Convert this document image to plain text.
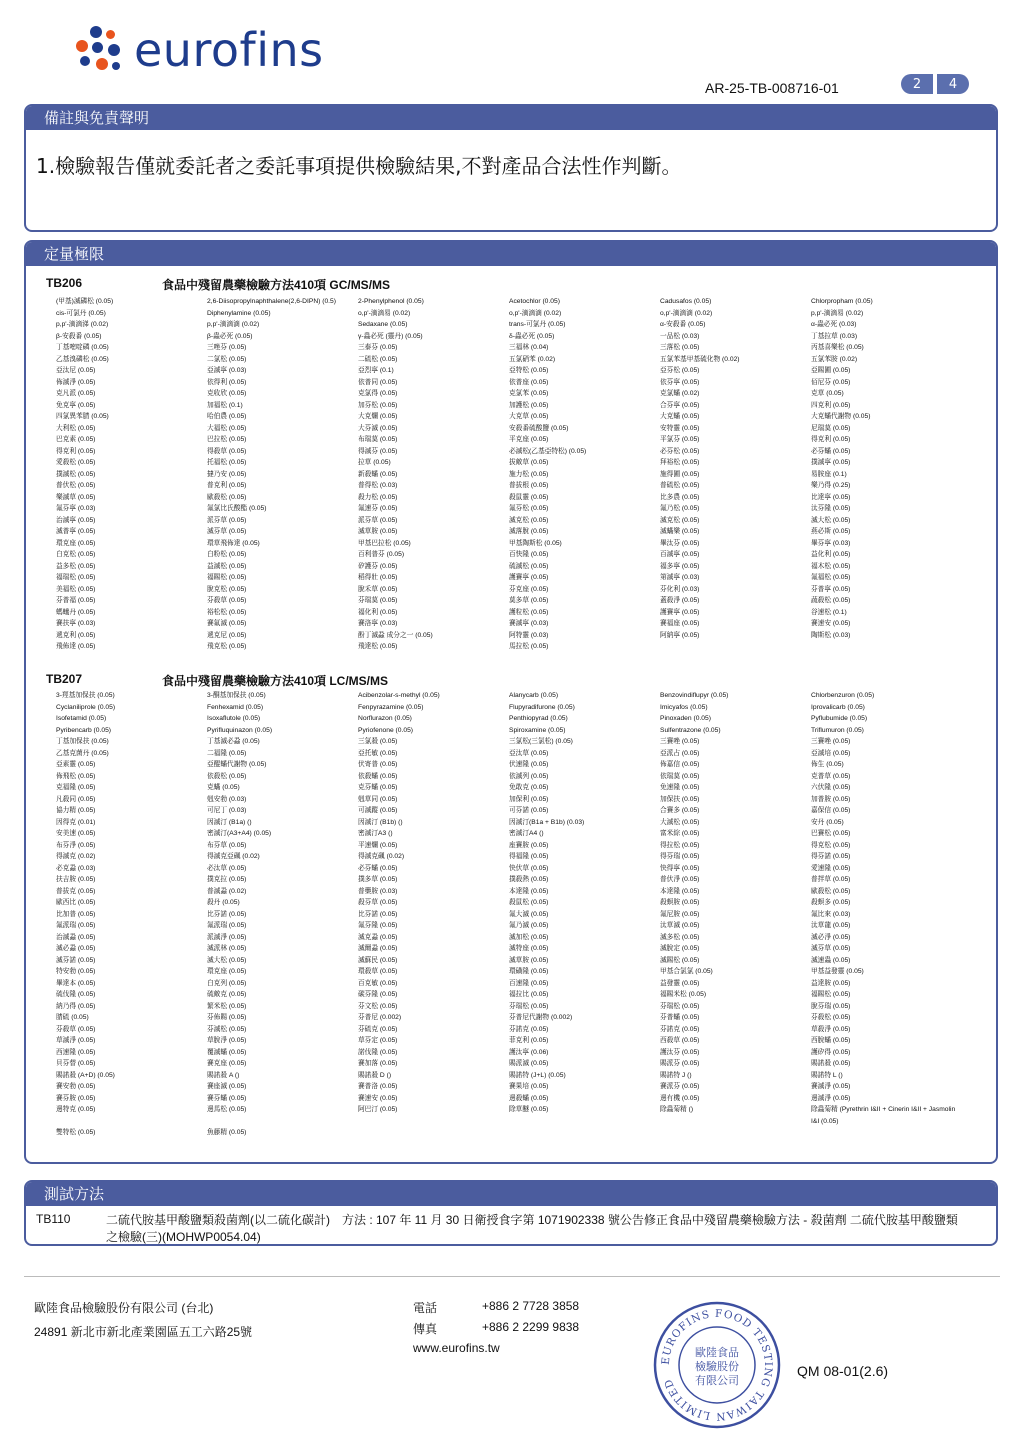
eurofins
AR-25-TB-008716-01	2	4
備註與免責聲明
1.檢驗報告僅就委託者之委託事項提供檢驗結果,不對產品合法性作判斷。
定量極限
TB206	食品中殘留農藥檢驗方法410項 GC/MS/MS
(甲基)滅磷松 (0.05)	2,6-Diisopropylnaphthalene(2,6-DIPN) (0.5)	2-Phenylphenol (0.05)	Acetochlor (0.05)	Cadusafos (0.05)	Chlorpropham (0.05)
cis-可氯丹 (0.05)	Diphenylamine (0.05)	o,p'-滴滴易 (0.02)	o,p'-滴滴滴 (0.02)	o,p'-滴滴滴 (0.02)	p,p'-滴滴易 (0.02)
p,p'-滴滴涕 (0.02)	p,p'-滴滴滴 (0.02)	Sedaxane (0.05)	trans-可氯丹 (0.05)	α-安殺番 (0.05)	α-蟲必死 (0.03)
β-安殺番 (0.05)	β-蟲必死 (0.05)	γ-蟲必死 (靈丹) (0.05)	δ-蟲必死 (0.05)	一品松 (0.03)	丁基拉草 (0.03)
丁基嘧啶磷 (0.05)	三唑芬 (0.05)	三泰芬 (0.05)	三福林 (0.04)	三落松 (0.05)	丙基喜樂松 (0.05)
乙基溴磷松 (0.05)	二氯松 (0.05)	二硫松 (0.05)	五氯硝苯 (0.02)	五氯苯基甲基硫化物 (0.02)	五氯苯胺 (0.02)
亞汰尼 (0.05)	亞滅寧 (0.03)	亞烈寧 (0.1)	亞特松 (0.05)	亞芬松 (0.05)	亞賜圃 (0.05)
佈滅淨 (0.05)	依得利 (0.05)	依普同 (0.05)	依普座 (0.05)	依芬寧 (0.05)	佰尼芬 (0.05)
克凡派 (0.05)	克收欣 (0.05)	克氯得 (0.05)	克氯苯 (0.05)	克氯蟎 (0.02)	克草 (0.05)
免克寧 (0.05)	加福松 (0.1)	加芬松 (0.05)	加護松 (0.05)	合芬寧 (0.05)	四克利 (0.05)
四氯異苯腈 (0.05)	哈伯農 (0.05)	大克爛 (0.05)	大克草 (0.05)	大克蟎 (0.05)	大克蟎代謝物 (0.05)
大利松 (0.05)	大福松 (0.05)	大芬滅 (0.05)	安殺番硫酸鹽 (0.05)	安特靈 (0.05)	尼瑞莫 (0.05)
巴克素 (0.05)	巴拉松 (0.05)	布瑞莫 (0.05)	平克座 (0.05)	平氯芬 (0.05)	得克利 (0.05)
得克利 (0.05)	得殺草 (0.05)	得滅芬 (0.05)	必滅松(乙基亞特松) (0.05)	必芬松 (0.05)	必芬蟎 (0.05)
愛殺松 (0.05)	托福松 (0.05)	拉草 (0.05)	拔敵草 (0.05)	拜裕松 (0.05)	撲滅寧 (0.05)
撲滅松 (0.05)	撻乃安 (0.05)	新殺蟎 (0.05)	施力松 (0.05)	施得圃 (0.05)	易胺座 (0.1)
普伏松 (0.05)	普克利 (0.05)	普得松 (0.03)	普拔根 (0.05)	普硫松 (0.05)	樂乃得 (0.25)
樂滅草 (0.05)	歐殺松 (0.05)	殺力松 (0.05)	殺鼠靈 (0.05)	比多農 (0.05)	比達寧 (0.05)
氟芬寧 (0.03)	氟氯比氏酸酯 (0.05)	氟速芬 (0.05)	氟芬松 (0.05)	氟乃松 (0.05)	汰芬隆 (0.05)
治滅寧 (0.05)	派芬草 (0.05)	派芬草 (0.05)	滅克松 (0.05)	滅克松 (0.05)	滅大松 (0.05)
滅普寧 (0.05)	滅芬草 (0.05)	滅草胺 (0.05)	滅落脫 (0.05)	滅蟎樂 (0.05)	燕必斯 (0.05)
環克座 (0.05)	環草飛佈達 (0.05)	甲基巴拉松 (0.05)	甲基陶斯松 (0.05)	畢汰芬 (0.05)	畢芬寧 (0.03)
白克松 (0.05)	白粉松 (0.05)	百利普芬 (0.05)	百快隆 (0.05)	百滅寧 (0.05)	益化利 (0.05)
益多松 (0.05)	益滅松 (0.05)	矽護芬 (0.05)	硫滅松 (0.05)	福多寧 (0.05)	福木松 (0.05)
福瑞松 (0.05)	福賜松 (0.05)	稻得壯 (0.05)	護賽寧 (0.05)	第滅寧 (0.03)	氟福松 (0.05)
美福松 (0.05)	脫克松 (0.05)	脫禾草 (0.05)	芬克座 (0.05)	芬化利 (0.03)	芬普寧 (0.05)
芬普福 (0.05)	芬殺草 (0.05)	芬瑞莫 (0.05)	莫多草 (0.05)	蓋殺淨 (0.05)	蔬殺松 (0.05)
螞蟻丹 (0.05)	裕松松 (0.05)	福化利 (0.05)	護粒松 (0.05)	護賽寧 (0.05)	谷速松 (0.1)
賽扶寧 (0.03)	賽氟滅 (0.05)	賽洛寧 (0.03)	賽滅寧 (0.03)	賽福座 (0.05)	賽速安 (0.05)
遞克利 (0.05)	遞克尼 (0.05)	酚丁滅蝨 成分之一 (0.05)	阿特靈 (0.03)	阿納寧 (0.05)	陶斯松 (0.03)
飛佈達 (0.05)	飛克松 (0.05)	飛達松 (0.05)	馬拉松 (0.05)
TB207	食品中殘留農藥檢驗方法410項 LC/MS/MS
3-羥基加保扶 (0.05)	3-酮基加保扶 (0.05)	Acibenzolar-s-methyl (0.05)	Alanycarb (0.05)	Benzovindiflupyr (0.05)	Chlorbenzuron (0.05)
Cyclaniliprole (0.05)	Fenhexamid (0.05)	Fenpyrazamine (0.05)	Flupyradifurone (0.05)	Imicyafos (0.05)	Iprovalicarb (0.05)
Isofetamid (0.05)	Isoxaflutole (0.05)	Norflurazon (0.05)	Penthiopyrad (0.05)	Pinoxaden (0.05)	Pyflubumide (0.05)
Pyribencarb (0.05)	Pyrifluquinazon (0.05)	Pyriofenone (0.05)	Spiroxamine (0.05)	Sulfentrazone (0.05)	Triflumuron (0.05)
丁基加保扶 (0.05)	丁基滅必蝨 (0.05)	三氯殺 (0.05)	三氯松(三氯松) (0.05)	三賽唑 (0.05)	三賽唑 (0.05)
乙基克菌丹 (0.05)	二福隆 (0.05)	亞托敏 (0.05)	亞汰草 (0.05)	亞派占 (0.05)	亞滅培 (0.05)
亞素靈 (0.05)	亞醌蟎代謝物 (0.05)	伏寄普 (0.05)	伏速隆 (0.05)	佈嘉信 (0.05)	佈生 (0.05)
佈飛松 (0.05)	依殺松 (0.05)	依殺蟎 (0.05)	依滅列 (0.05)	依瑞莫 (0.05)	克普草 (0.05)
克福隆 (0.05)	克蟎 (0.05)	克芬蟎 (0.05)	免敢克 (0.05)	免速隆 (0.05)	六伏隆 (0.05)
凡殺同 (0.05)	剋安勃 (0.03)	剋草同 (0.05)	加保利 (0.05)	加保扶 (0.05)	加普胺 (0.05)
協力精 (0.05)	可尼丁 (0.03)	可滅蹤 (0.05)	可芬諾 (0.05)	合賽多 (0.05)	嘉保信 (0.05)
因得克 (0.01)	因滅汀 (B1a) ()	因滅汀 (B1b) ()	因滅汀(B1a + B1b) (0.03)	大滅松 (0.05)	安丹 (0.05)
安美速 (0.05)	密滅汀(A3+A4) (0.05)	密滅汀A3 ()	密滅汀A4 ()	富米綜 (0.05)	巴賽松 (0.05)
布芬淨 (0.05)	布芬草 (0.05)	平速爛 (0.05)	座賽胺 (0.05)	得拉松 (0.05)	得克松 (0.05)
得滅克 (0.02)	得滅克亞碸 (0.02)	得滅克碸 (0.02)	得福隆 (0.05)	得芬瑞 (0.05)	得芬諾 (0.05)
必克蝨 (0.03)	必汰草 (0.05)	必芬蟎 (0.05)	快伏草 (0.05)	快得寧 (0.05)	愛速隆 (0.05)
扶吉胺 (0.05)	撲克拉 (0.05)	撲多草 (0.05)	撲殺熱 (0.05)	普伏淨 (0.05)	普拌草 (0.05)
普拔克 (0.05)	普滅蝨 (0.02)	普藥胺 (0.03)	本達隆 (0.05)	本達隆 (0.05)	歐殺松 (0.05)
歐西比 (0.05)	殺丹 (0.05)	殺芬草 (0.05)	殺鼠松 (0.05)	殺螟胺 (0.05)	殺螟多 (0.05)
比加普 (0.05)	比芬諾 (0.05)	比芬諾 (0.05)	氟大滅 (0.05)	氟尼胺 (0.05)	氟比來 (0.03)
氟派瑞 (0.05)	氟派瑞 (0.05)	氟芬隆 (0.05)	氟乃滅 (0.05)	汰草滅 (0.05)	汰草龍 (0.05)
治滅蝨 (0.05)	派滅淨 (0.05)	滅克蝨 (0.05)	滅加松 (0.05)	滅多松 (0.05)	滅必淨 (0.05)
滅必蝨 (0.05)	滅派林 (0.05)	滅爾蝨 (0.05)	滅特座 (0.05)	滅脫定 (0.05)	滅芬草 (0.05)
滅芬諾 (0.05)	滅大松 (0.05)	滅蘇民 (0.05)	滅草胺 (0.05)	滅賜松 (0.05)	滅速蟲 (0.05)
特安勃 (0.05)	環克座 (0.05)	環殺草 (0.05)	環磺隆 (0.05)	甲基合氯氯 (0.05)	甲基益發靈 (0.05)
畢達本 (0.05)	白克列 (0.05)	百克敏 (0.05)	百速隆 (0.05)	益發靈 (0.05)	益達胺 (0.05)
硫伐隆 (0.05)	硫敵克 (0.05)	碳芬隆 (0.05)	福拉比 (0.05)	福賜米松 (0.05)	福賜松 (0.05)
納乃得 (0.05)	繁米松 (0.05)	芬文松 (0.05)	芬瑞松 (0.05)	芬瑞松 (0.05)	脫芬瑞 (0.05)
腈硫 (0.05)	芬佈賜 (0.05)	芬普尼 (0.002)	芬普尼代謝物 (0.002)	芬普蟎 (0.05)	芬殺松 (0.05)
芬殺草 (0.05)	芬滅松 (0.05)	芬硫克 (0.05)	芬諾克 (0.05)	芬諾克 (0.05)	草殺淨 (0.05)
草滅淨 (0.05)	草脫淨 (0.05)	草芬定 (0.05)	菲克利 (0.05)	西殺草 (0.05)	西脫蟎 (0.05)
西速隆 (0.05)	覆滅蟎 (0.05)	諾伐隆 (0.05)	護汰寧 (0.06)	護汰芬 (0.05)	護矽得 (0.05)
貝芬替 (0.05)	賽克座 (0.05)	賽加落 (0.05)	賜派滅 (0.05)	賜派芬 (0.05)	賜諾殺 (0.05)
賜諾殺 (A+D) (0.05)	賜諾殺 A ()	賜諾殺 D ()	賜諾特 (J+L) (0.05)	賜諾特 J ()	賜諾特 L ()
賽安勃 (0.05)	賽座滅 (0.05)	賽普洛 (0.05)	賽果培 (0.05)	賽派芬 (0.05)	賽滅淨 (0.05)
賽芬胺 (0.05)	賽芬蟎 (0.05)	賽速安 (0.05)	邊殺蟎 (0.05)	邊有機 (0.05)	邊滅淨 (0.05)
邊特克 (0.05)	邊馬松 (0.05)	阿巴汀 (0.05)	除草醚 (0.05)	除蟲菊精 ()	除蟲菊精 (Pyrethrin I&II + Cinerin I&II + Jasmolin I&I (0.05)
雙特松 (0.05)	魚藤精 (0.05)
測試方法
TB110	二硫代胺基甲酸鹽類殺菌劑(以二硫化碳計)　方法 : 107 年 11 月 30 日衛授食字第 1071902338 號公告修正食品中殘留農藥檢驗方法 - 殺菌劑 二硫代胺基甲酸鹽類之檢驗(三)(MOHWP0054.04)
歐陸食品檢驗股份有限公司 (台北)
24891 新北市新北產業園區五工六路25號
電話	+886 2 7728 3858
傳真	+886 2 2299 9838
www.eurofins.tw
EUROFINS FOOD TESTING TAIWAN LIMITED
歐陸食品
檢驗股份
有限公司
QM 08-01(2.6)
